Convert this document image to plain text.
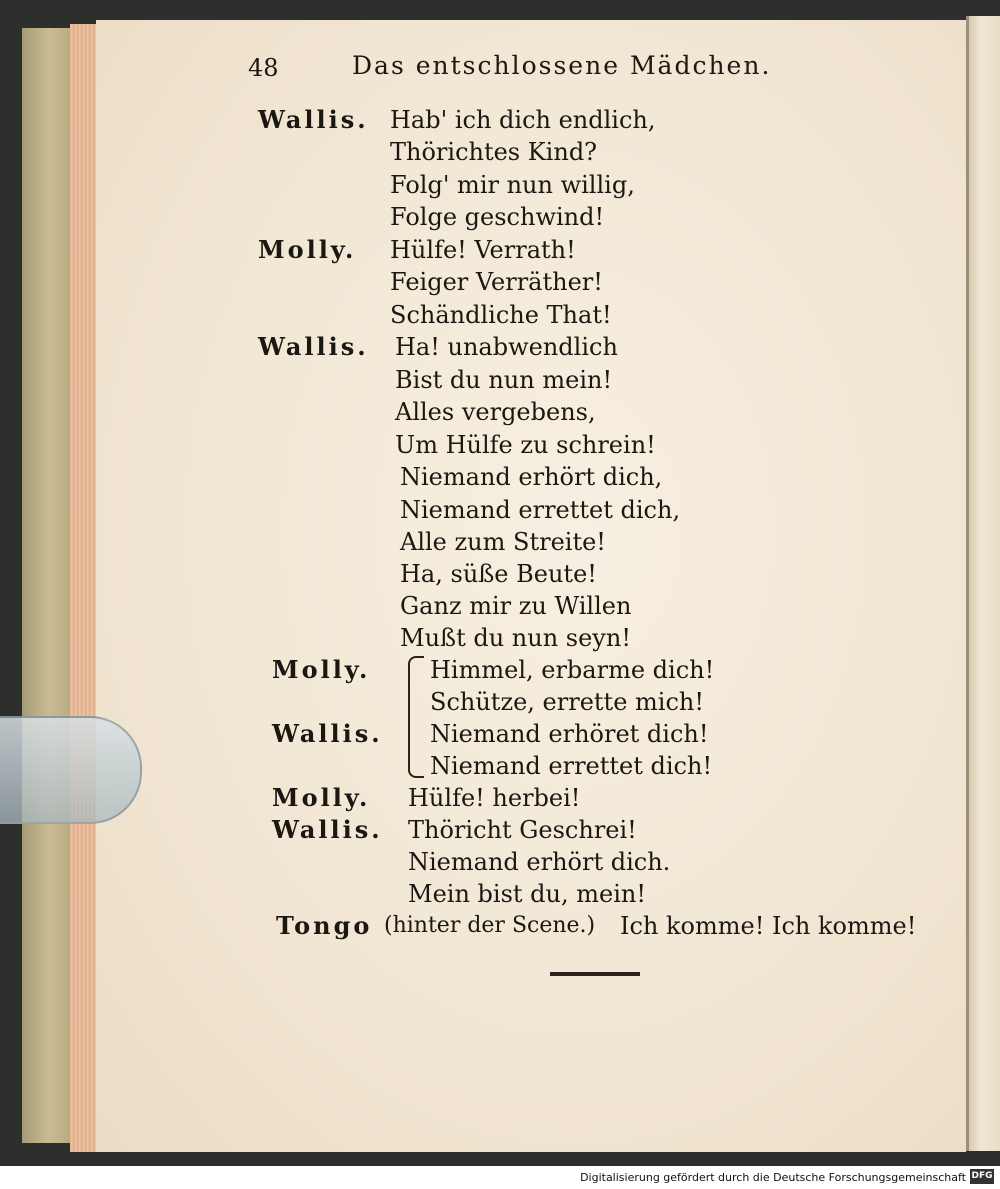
48	Das entschlossene Mädchen.
Wallis. Hab' ich dich endlich,
Thörichtes Kind?
Folg' mir nun willig,
Folge geschwind!
Molly. Hülfe! Verrath!
Feiger Verräther!
Schändliche That!
Wallis. Ha! unabwendlich
Bist du nun mein!
Alles vergebens,
Um Hülfe zu schrein!
Niemand erhört dich,
Niemand errettet dich,
Alle zum Streite!
Ha, süße Beute!
Ganz mir zu Willen
Mußt du nun seyn!
Molly.
Wallis.
Himmel, erbarme dich!
Schütze, errette mich!
Niemand erhöret dich!
Niemand errettet dich!
Molly. Hülfe! herbei!
Wallis. Thöricht Geschrei!
Niemand erhört dich.
Mein bist du, mein!
Tongo (hinter der Scene.) Ich komme! Ich komme!
Digitalisierung gefördert durch die Deutsche Forschungsgemeinschaft DFG
